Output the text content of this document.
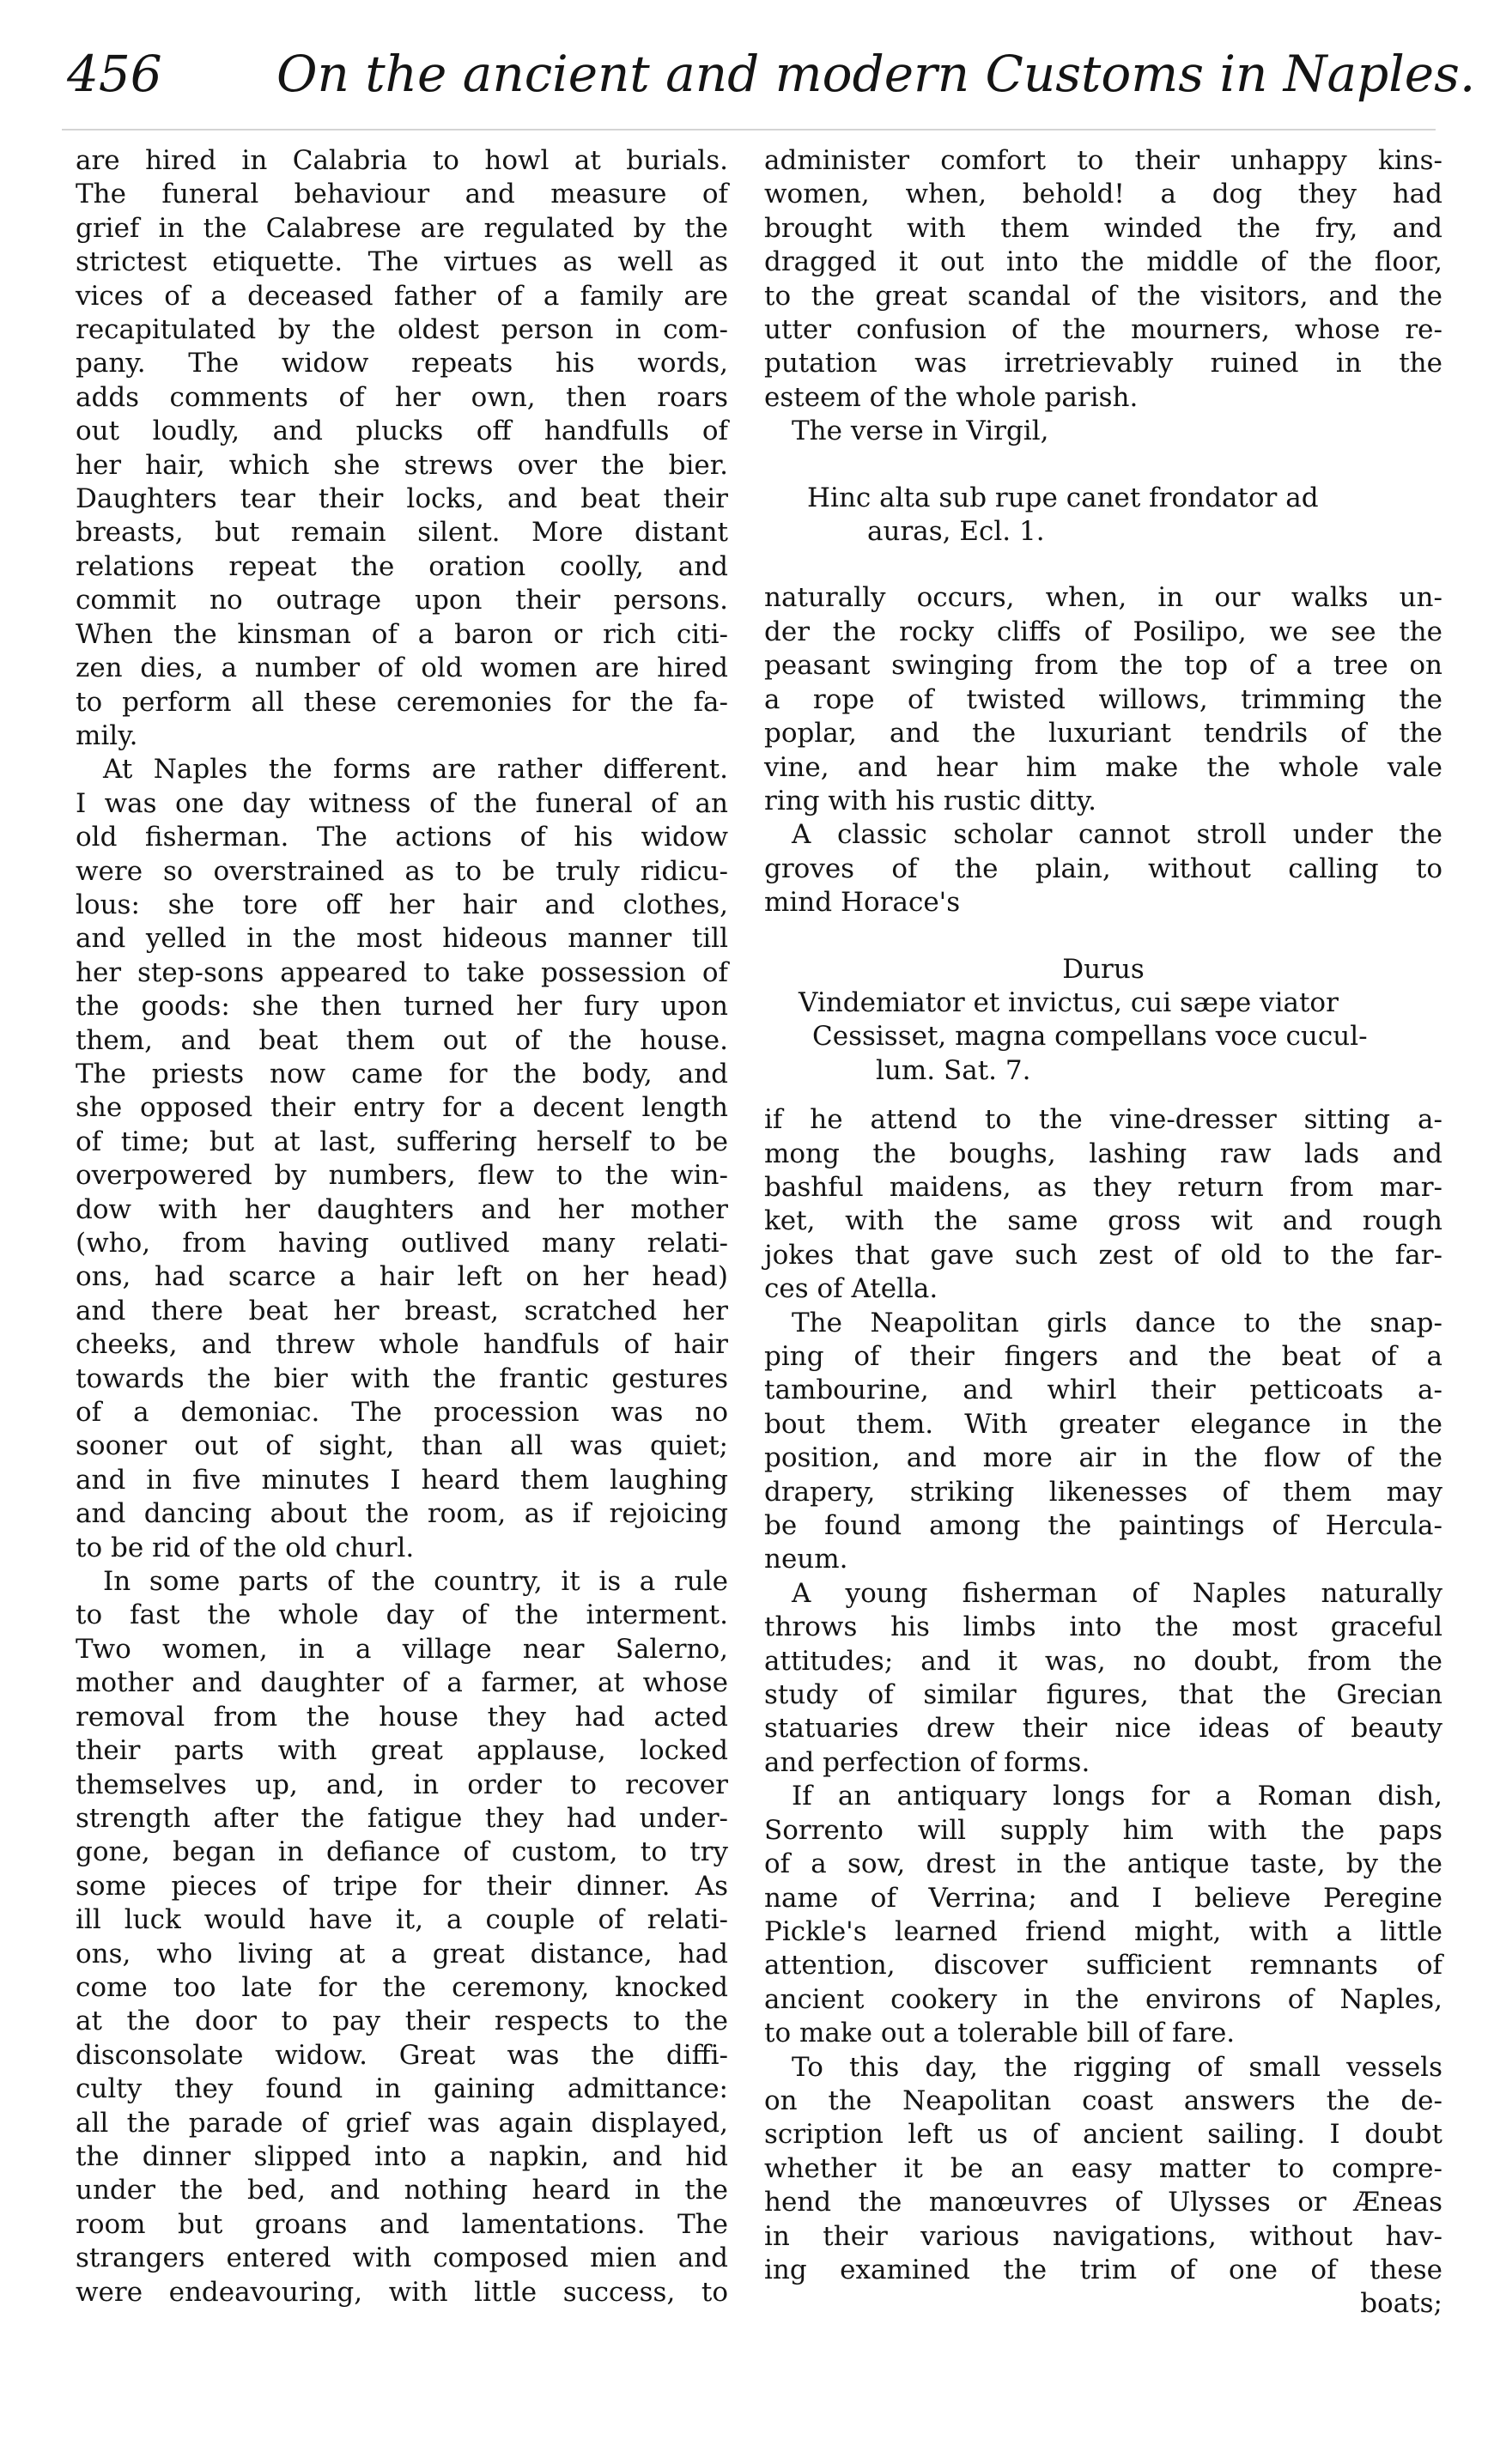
456 On the ancient and modern Customs in Naples.

are hired in Calabria to howl at burials.

The funeral behaviour and measure of

grief in the Calabrese are regulated by the

strictest etiquette. The virtues as well as

vices of a deceased father of a family are

recapitulated by the oldest person in com-

pany. The widow repeats his words,

adds comments of her own, then roars

out loudly, and plucks off handfulls of

her hair, which she strews over the bier.

Daughters tear their locks, and beat their

breasts, but remain silent. More distant

relations repeat the oration coolly, and

commit no outrage upon their persons.

When the kinsman of a baron or rich citi-

zen dies, a number of old women are hired

to perform all these ceremonies for the fa-

mily.

At Naples the forms are rather different.

I was one day witness of the funeral of an

old fisherman. The actions of his widow

were so overstrained as to be truly ridicu-

lous: she tore off her hair and clothes,

and yelled in the most hideous manner till

her step-sons appeared to take possession of

the goods: she then turned her fury upon

them, and beat them out of the house.

The priests now came for the body, and

she opposed their entry for a decent length

of time; but at last, suffering herself to be

overpowered by numbers, flew to the win-

dow with her daughters and her mother

(who, from having outlived many relati-

ons, had scarce a hair left on her head)

and there beat her breast, scratched her

cheeks, and threw whole handfuls of hair

towards the bier with the frantic gestures

of a demoniac. The procession was no

sooner out of sight, than all was quiet;

and in five minutes I heard them laughing

and dancing about the room, as if rejoicing

to be rid of the old churl.

In some parts of the country, it is a rule

to fast the whole day of the interment.

Two women, in a village near Salerno,

mother and daughter of a farmer, at whose

removal from the house they had acted

their parts with great applause, locked

themselves up, and, in order to recover

strength after the fatigue they had under-

gone, began in defiance of custom, to try

some pieces of tripe for their dinner. As

ill luck would have it, a couple of relati-

ons, who living at a great distance, had

come too late for the ceremony, knocked

at the door to pay their respects to the

disconsolate widow. Great was the diffi-

culty they found in gaining admittance:

all the parade of grief was again displayed,

the dinner slipped into a napkin, and hid

under the bed, and nothing heard in the

room but groans and lamentations. The

strangers entered with composed mien and

were endeavouring, with little success, to

administer comfort to their unhappy kins-

women, when, behold! a dog they had

brought with them winded the fry, and

dragged it out into the middle of the floor,

to the great scandal of the visitors, and the

utter confusion of the mourners, whose re-

putation was irretrievably ruined in the

esteem of the whole parish.

The verse in Virgil,

Hinc alta sub rupe canet frondator ad

auras, Ecl. 1.

naturally occurs, when, in our walks un-

der the rocky cliffs of Posilipo, we see the

peasant swinging from the top of a tree on

a rope of twisted willows, trimming the

poplar, and the luxuriant tendrils of the

vine, and hear him make the whole vale

ring with his rustic ditty.

A classic scholar cannot stroll under the

groves of the plain, without calling to

mind Horace's

Durus

Vindemiator et invictus, cui sæpe viator

Cessisset, magna compellans voce cucul-

lum. Sat. 7.

if he attend to the vine-dresser sitting a-

mong the boughs, lashing raw lads and

bashful maidens, as they return from mar-

ket, with the same gross wit and rough

jokes that gave such zest of old to the far-

ces of Atella.

The Neapolitan girls dance to the snap-

ping of their fingers and the beat of a

tambourine, and whirl their petticoats a-

bout them. With greater elegance in the

position, and more air in the flow of the

drapery, striking likenesses of them may

be found among the paintings of Hercula-

neum.

A young fisherman of Naples naturally

throws his limbs into the most graceful

attitudes; and it was, no doubt, from the

study of similar figures, that the Grecian

statuaries drew their nice ideas of beauty

and perfection of forms.

If an antiquary longs for a Roman dish,

Sorrento will supply him with the paps

of a sow, drest in the antique taste, by the

name of Verrina; and I believe Peregine

Pickle's learned friend might, with a little

attention, discover sufficient remnants of

ancient cookery in the environs of Naples,

to make out a tolerable bill of fare.

To this day, the rigging of small vessels

on the Neapolitan coast answers the de-

scription left us of ancient sailing. I doubt

whether it be an easy matter to compre-

hend the manœuvres of Ulysses or Æneas

in their various navigations, without hav-

ing examined the trim of one of these

boats;
